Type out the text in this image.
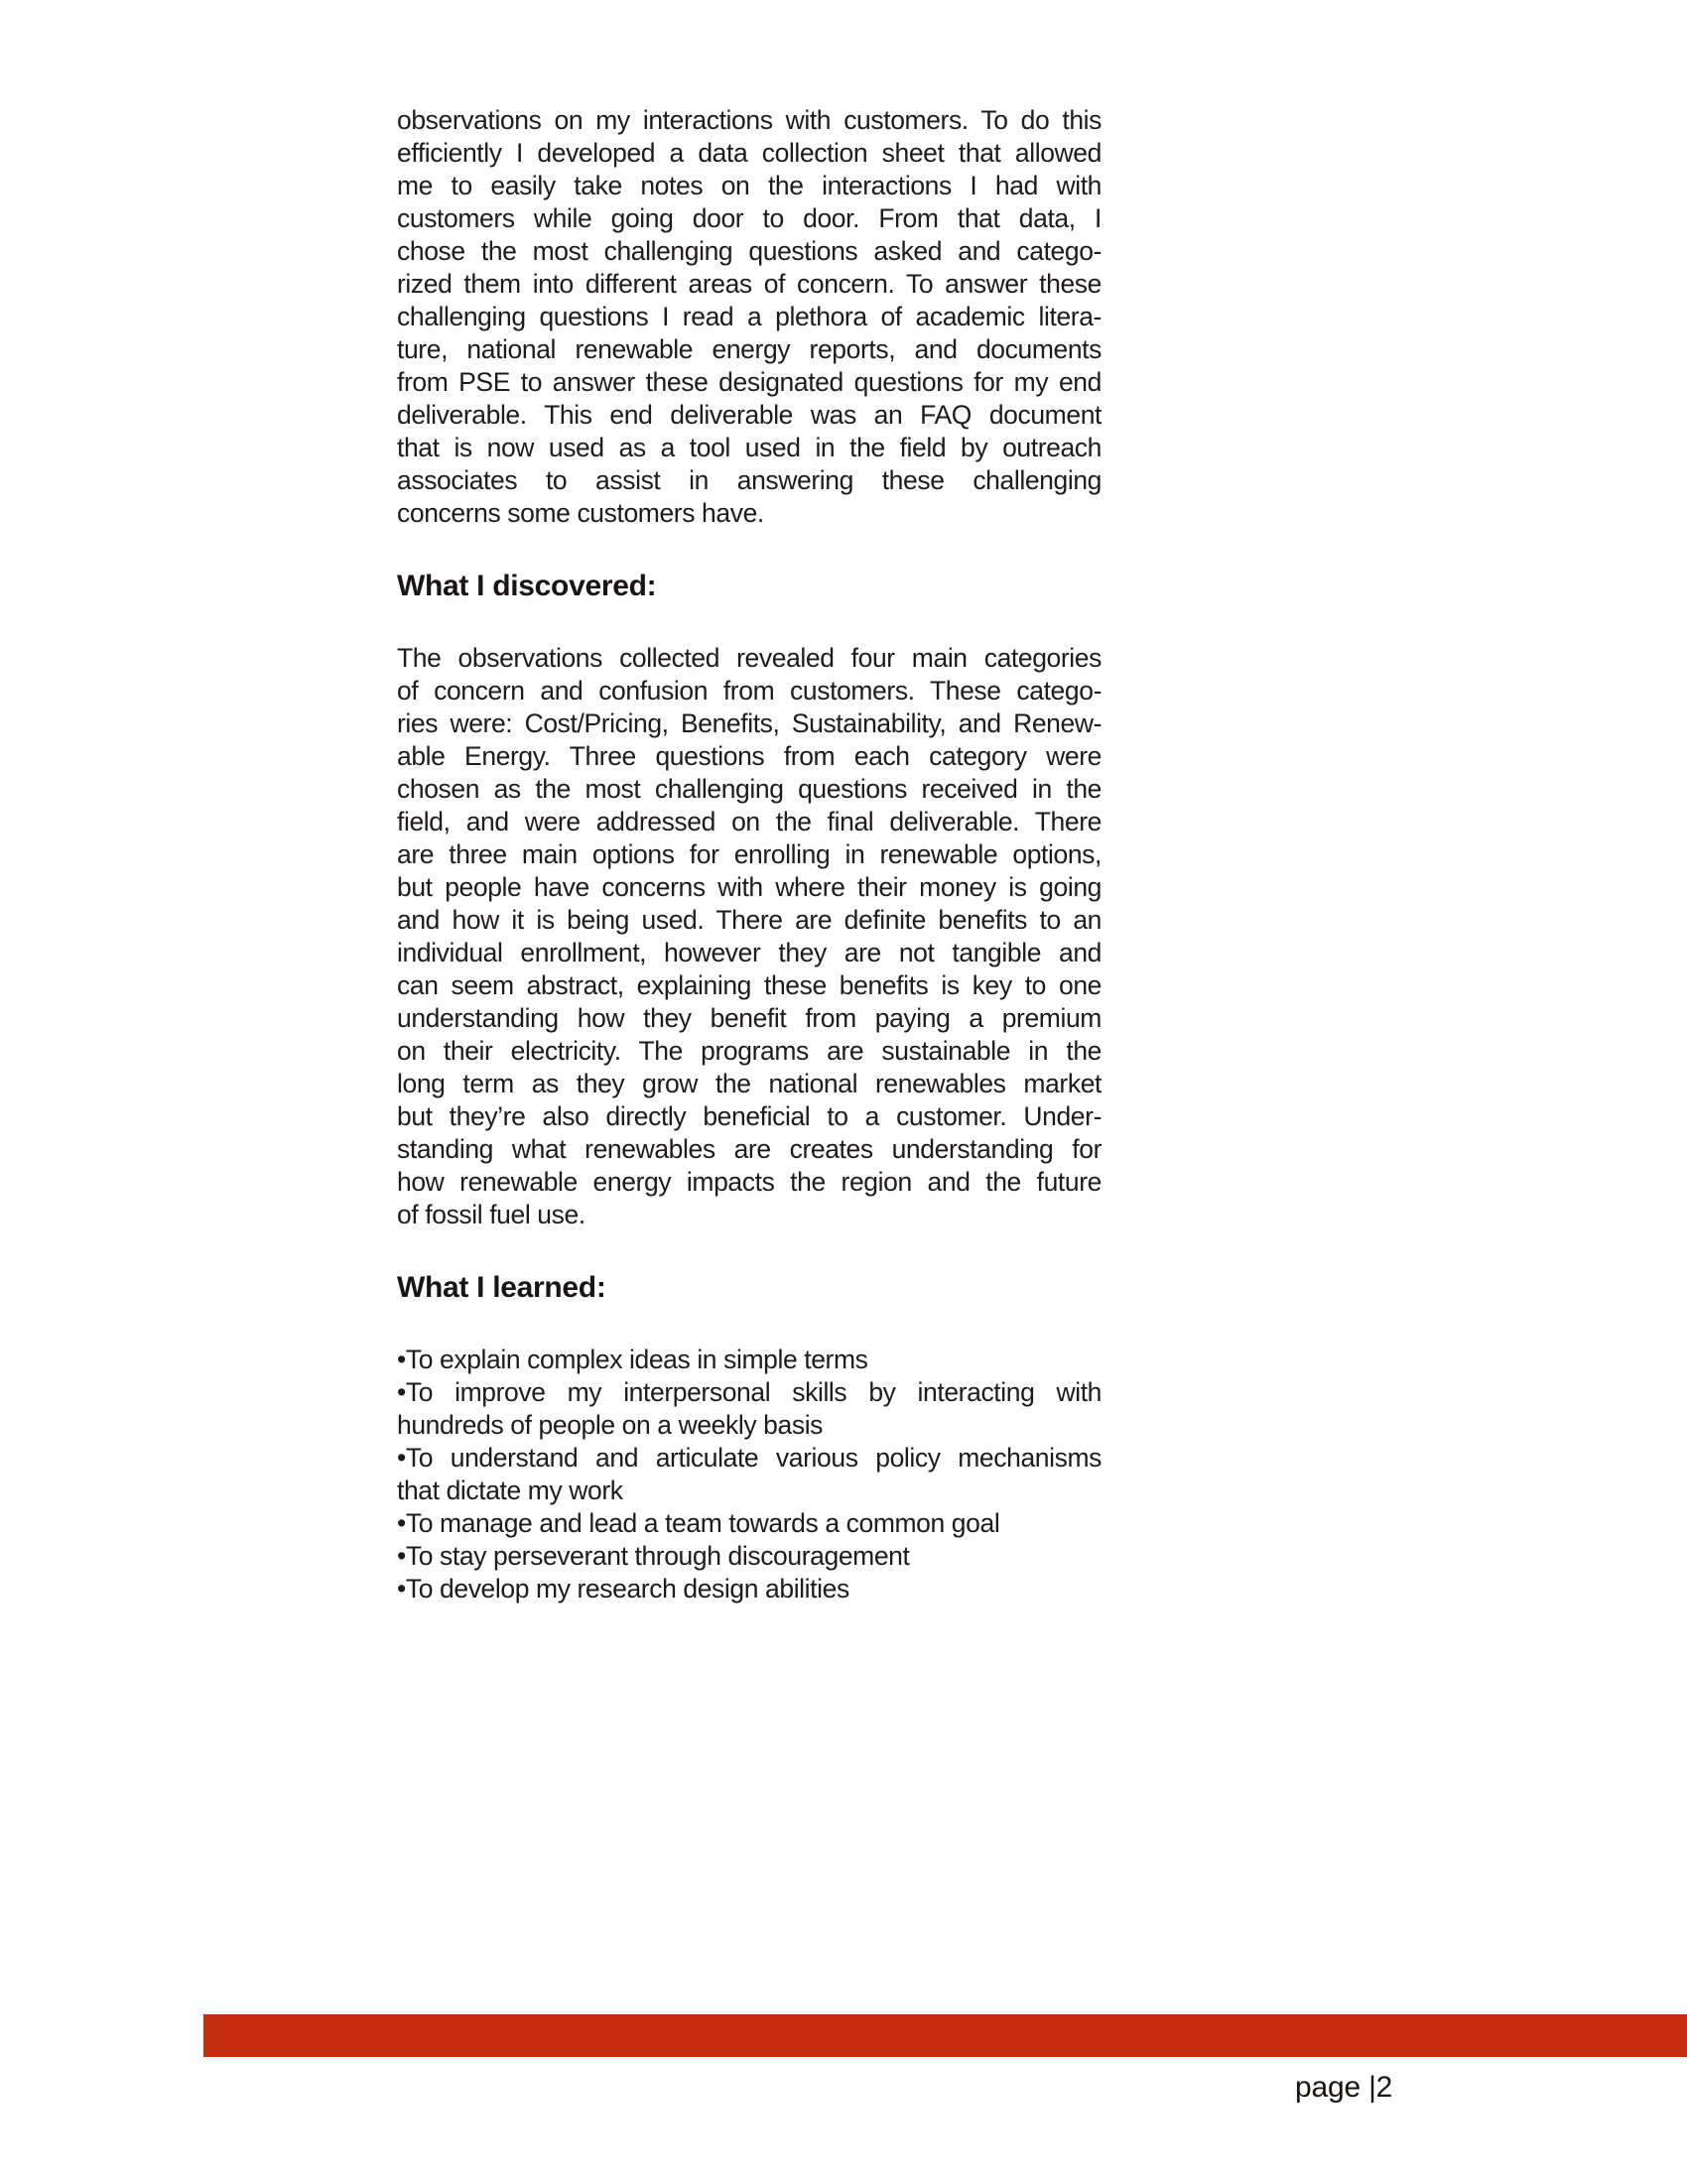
observations on my interactions with customers. To do this
efficiently I developed a data collection sheet that allowed
me to easily take notes on the interactions I had with
customers while going door to door. From that data, I
chose the most challenging questions asked and catego-
rized them into different areas of concern. To answer these
challenging questions I read a plethora of academic litera-
ture, national renewable energy reports, and documents
from PSE to answer these designated questions for my end
deliverable. This end deliverable was an FAQ document
that is now used as a tool used in the field by outreach
associates to assist in answering these challenging
concerns some customers have.
What I discovered:
The observations collected revealed four main categories
of concern and confusion from customers. These catego-
ries were: Cost/Pricing, Benefits, Sustainability, and Renew-
able Energy. Three questions from each category were
chosen as the most challenging questions received in the
field, and were addressed on the final deliverable. There
are three main options for enrolling in renewable options,
but people have concerns with where their money is going
and how it is being used. There are definite benefits to an
individual enrollment, however they are not tangible and
can seem abstract, explaining these benefits is key to one
understanding how they benefit from paying a premium
on their electricity. The programs are sustainable in the
long term as they grow the national renewables market
but they’re also directly beneficial to a customer. Under-
standing what renewables are creates understanding for
how renewable energy impacts the region and the future
of fossil fuel use.
What I learned:
•To explain complex ideas in simple terms
•To improve my interpersonal skills by interacting with
hundreds of people on a weekly basis
•To understand and articulate various policy mechanisms
that dictate my work
•To manage and lead a team towards a common goal
•To stay perseverant through discouragement
•To develop my research design abilities
page |2
